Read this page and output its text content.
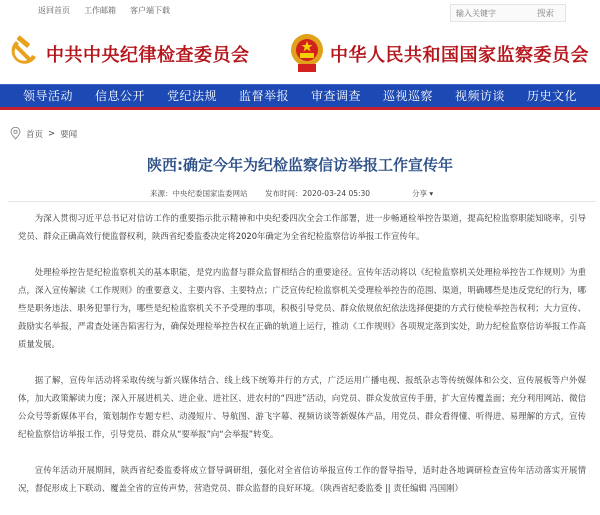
返回首页 工作邮箱 客户端下载
输入关键字	搜索
中共中央纪律检查委员会	中华人民共和国国家监察委员会
领导活动 信息公开 党纪法规 监督举报 审查调查 巡视巡察 视频访谈 历史文化
首页 > 要闻
陕西:确定今年为纪检监察信访举报工作宣传年
来源：中央纪委国家监委网站 发布时间：2020-03-24 05:30	分享 ▾

为深入贯彻习近平总书记对信访工作的重要指示批示精神和中央纪委四次全会工作部署，进一步畅通检举控告渠道，提高纪检监察职能知晓率，引导党员、群众正确高效行使监督权利，陕西省纪委监委决定将2020年确定为全省纪检监察信访举报工作宣传年。

处理检举控告是纪检监察机关的基本职能，是党内监督与群众监督相结合的重要途径。宣传年活动将以《纪检监察机关处理检举控告工作规则》为重点，深入宣传解读《工作规则》的重要意义、主要内容、主要特点；广泛宣传纪检监察机关受理检举控告的范围、渠道，明确哪些是违反党纪的行为，哪些是职务违法、职务犯罪行为，哪些是纪检监察机关不予受理的事项，积极引导党员、群众依规依纪依法选择便捷的方式行使检举控告权利；大力宣传、鼓励实名举报，严肃查处诬告陷害行为，确保处理检举控告权在正确的轨道上运行，推动《工作规则》各项规定落到实处，助力纪检监察信访举报工作高质量发展。

据了解，宣传年活动将采取传统与新兴媒体结合、线上线下统筹并行的方式，广泛运用广播电视、报纸杂志等传统媒体和公交、宣传展板等户外媒体，加大政策解读力度；深入开展进机关、进企业、进社区、进农村的“四进”活动，向党员、群众发放宣传手册，扩大宣传覆盖面；充分利用网站、微信公众号等新媒体平台，策划制作专题专栏、动漫短片、导航图、游飞字幕、视频访谈等新媒体产品，用党员、群众看得懂、听得进、易理解的方式，宣传纪检监察信访举报工作，引导党员、群众从“要举报”向“会举报”转变。

宣传年活动开展期间，陕西省纪委监委将成立督导调研组，强化对全省信访举报宣传工作的督导指导，适时赴各地调研检查宣传年活动落实开展情况，督促形成上下联动、覆盖全省的宣传声势，营造党员、群众监督的良好环境。（陕西省纪委监委 || 责任编辑 冯国刚）
